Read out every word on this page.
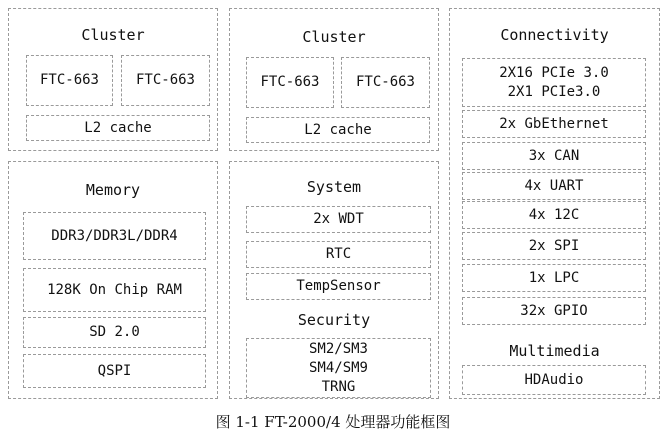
Cluster
FTC-663	FTC-663
L2 cache
Memory
DDR3/DDR3L/DDR4
128K On Chip RAM
SD 2.0
QSPI
Cluster
FTC-663	FTC-663
L2 cache
System
2x WDT
RTC
TempSensor
Security
SM2/SM3
SM4/SM9
TRNG
Connectivity
2X16 PCIe 3.0
2X1 PCIe3.0
2x GbEthernet
3x CAN
4x UART
4x 12C
2x SPI
1x LPC
32x GPIO
Multimedia
HDAudio
图 1-1 FT-2000/4 处理器功能框图
